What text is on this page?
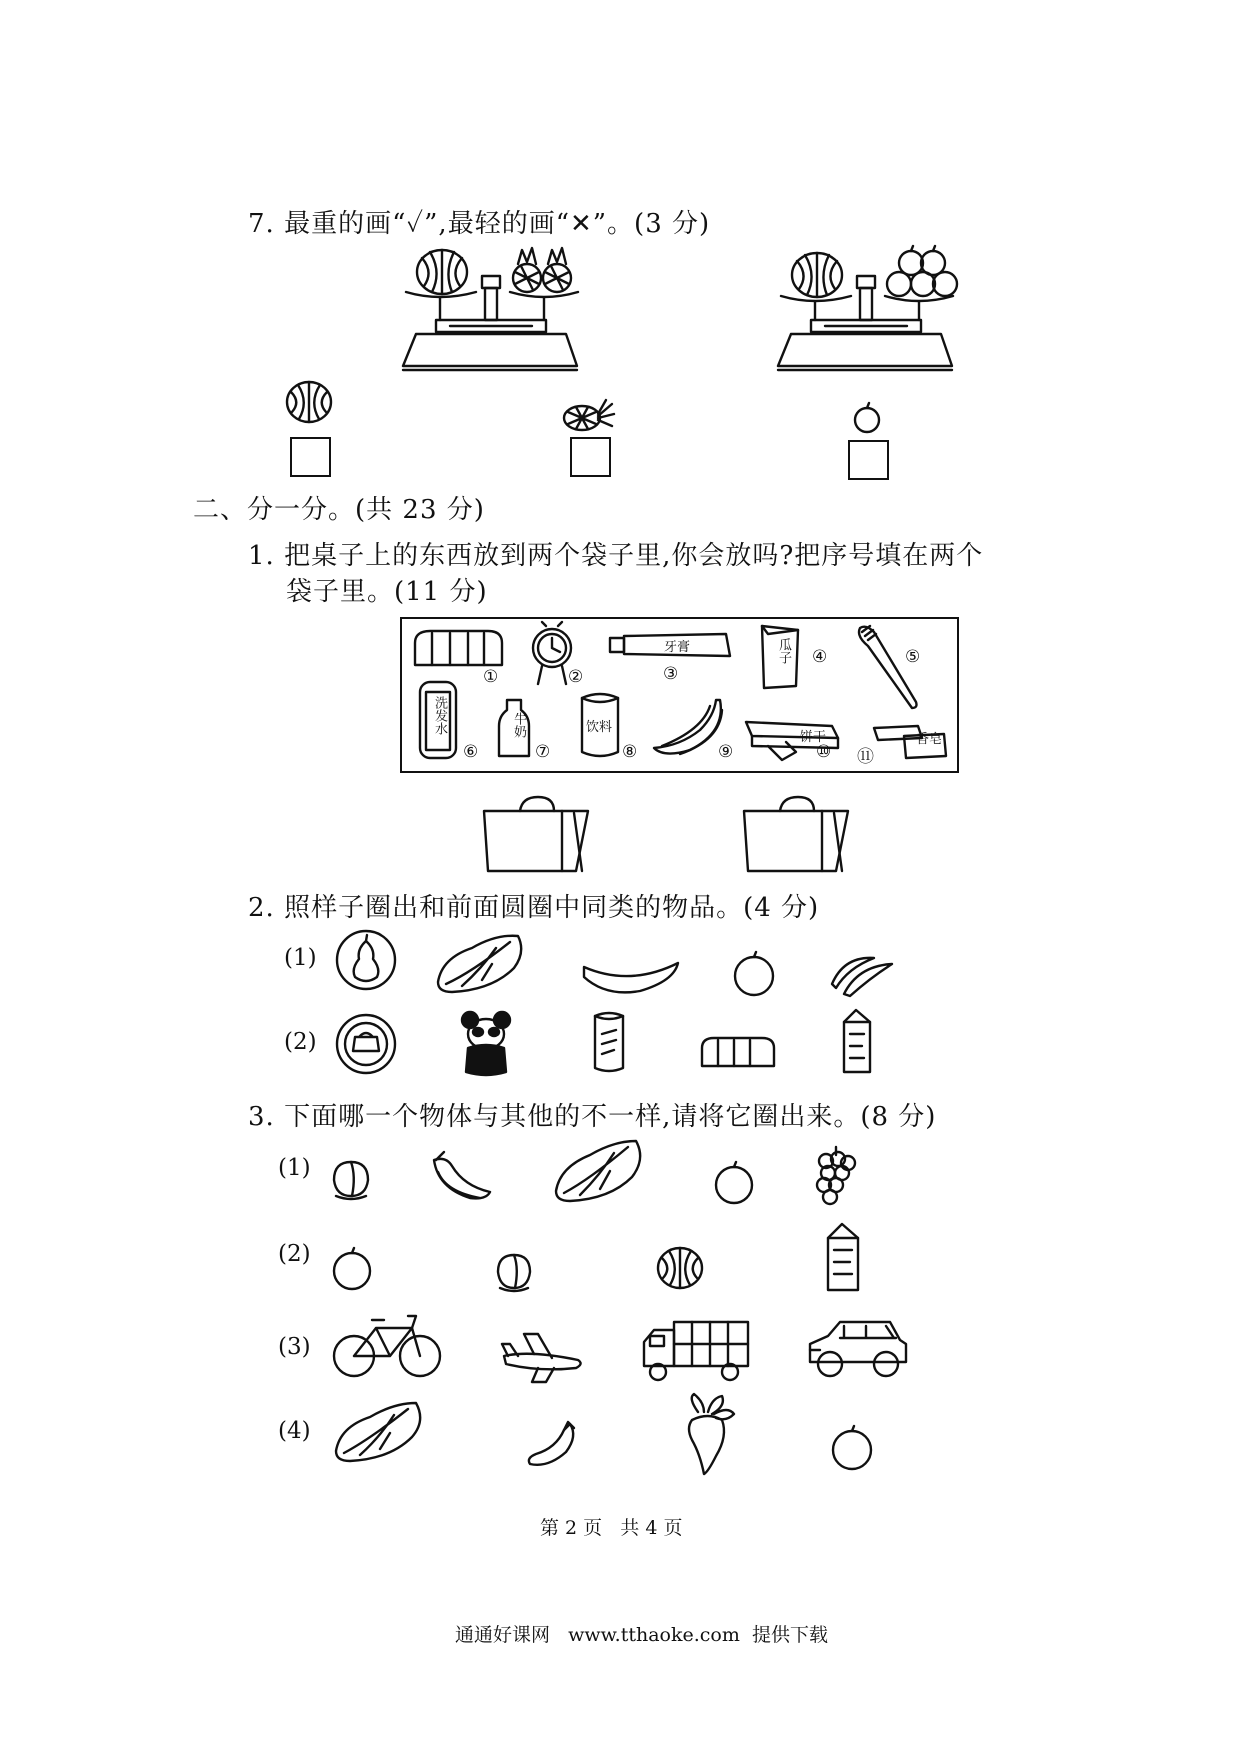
7. 最重的画“✓”,最轻的画“✕”。(3 分)
二、分一分。(共 23 分)
1. 把桌子上的东西放到两个袋子里,你会放吗?把序号填在两个
袋子里。(11 分)
①	②
牙膏
③
瓜子 ④	⑤
洗发水
⑥
牛奶
⑦
饮料
⑧	⑨
饼干
⑩
香皂
⑪
2. 照样子圈出和前面圆圈中同类的物品。(4 分)
(1)
(2)
3. 下面哪一个物体与其他的不一样,请将它圈出来。(8 分)
(1)
(2)
(3)
(4)
第 2 页   共 4 页
通通好课网   www.tthaoke.com  提供下载
